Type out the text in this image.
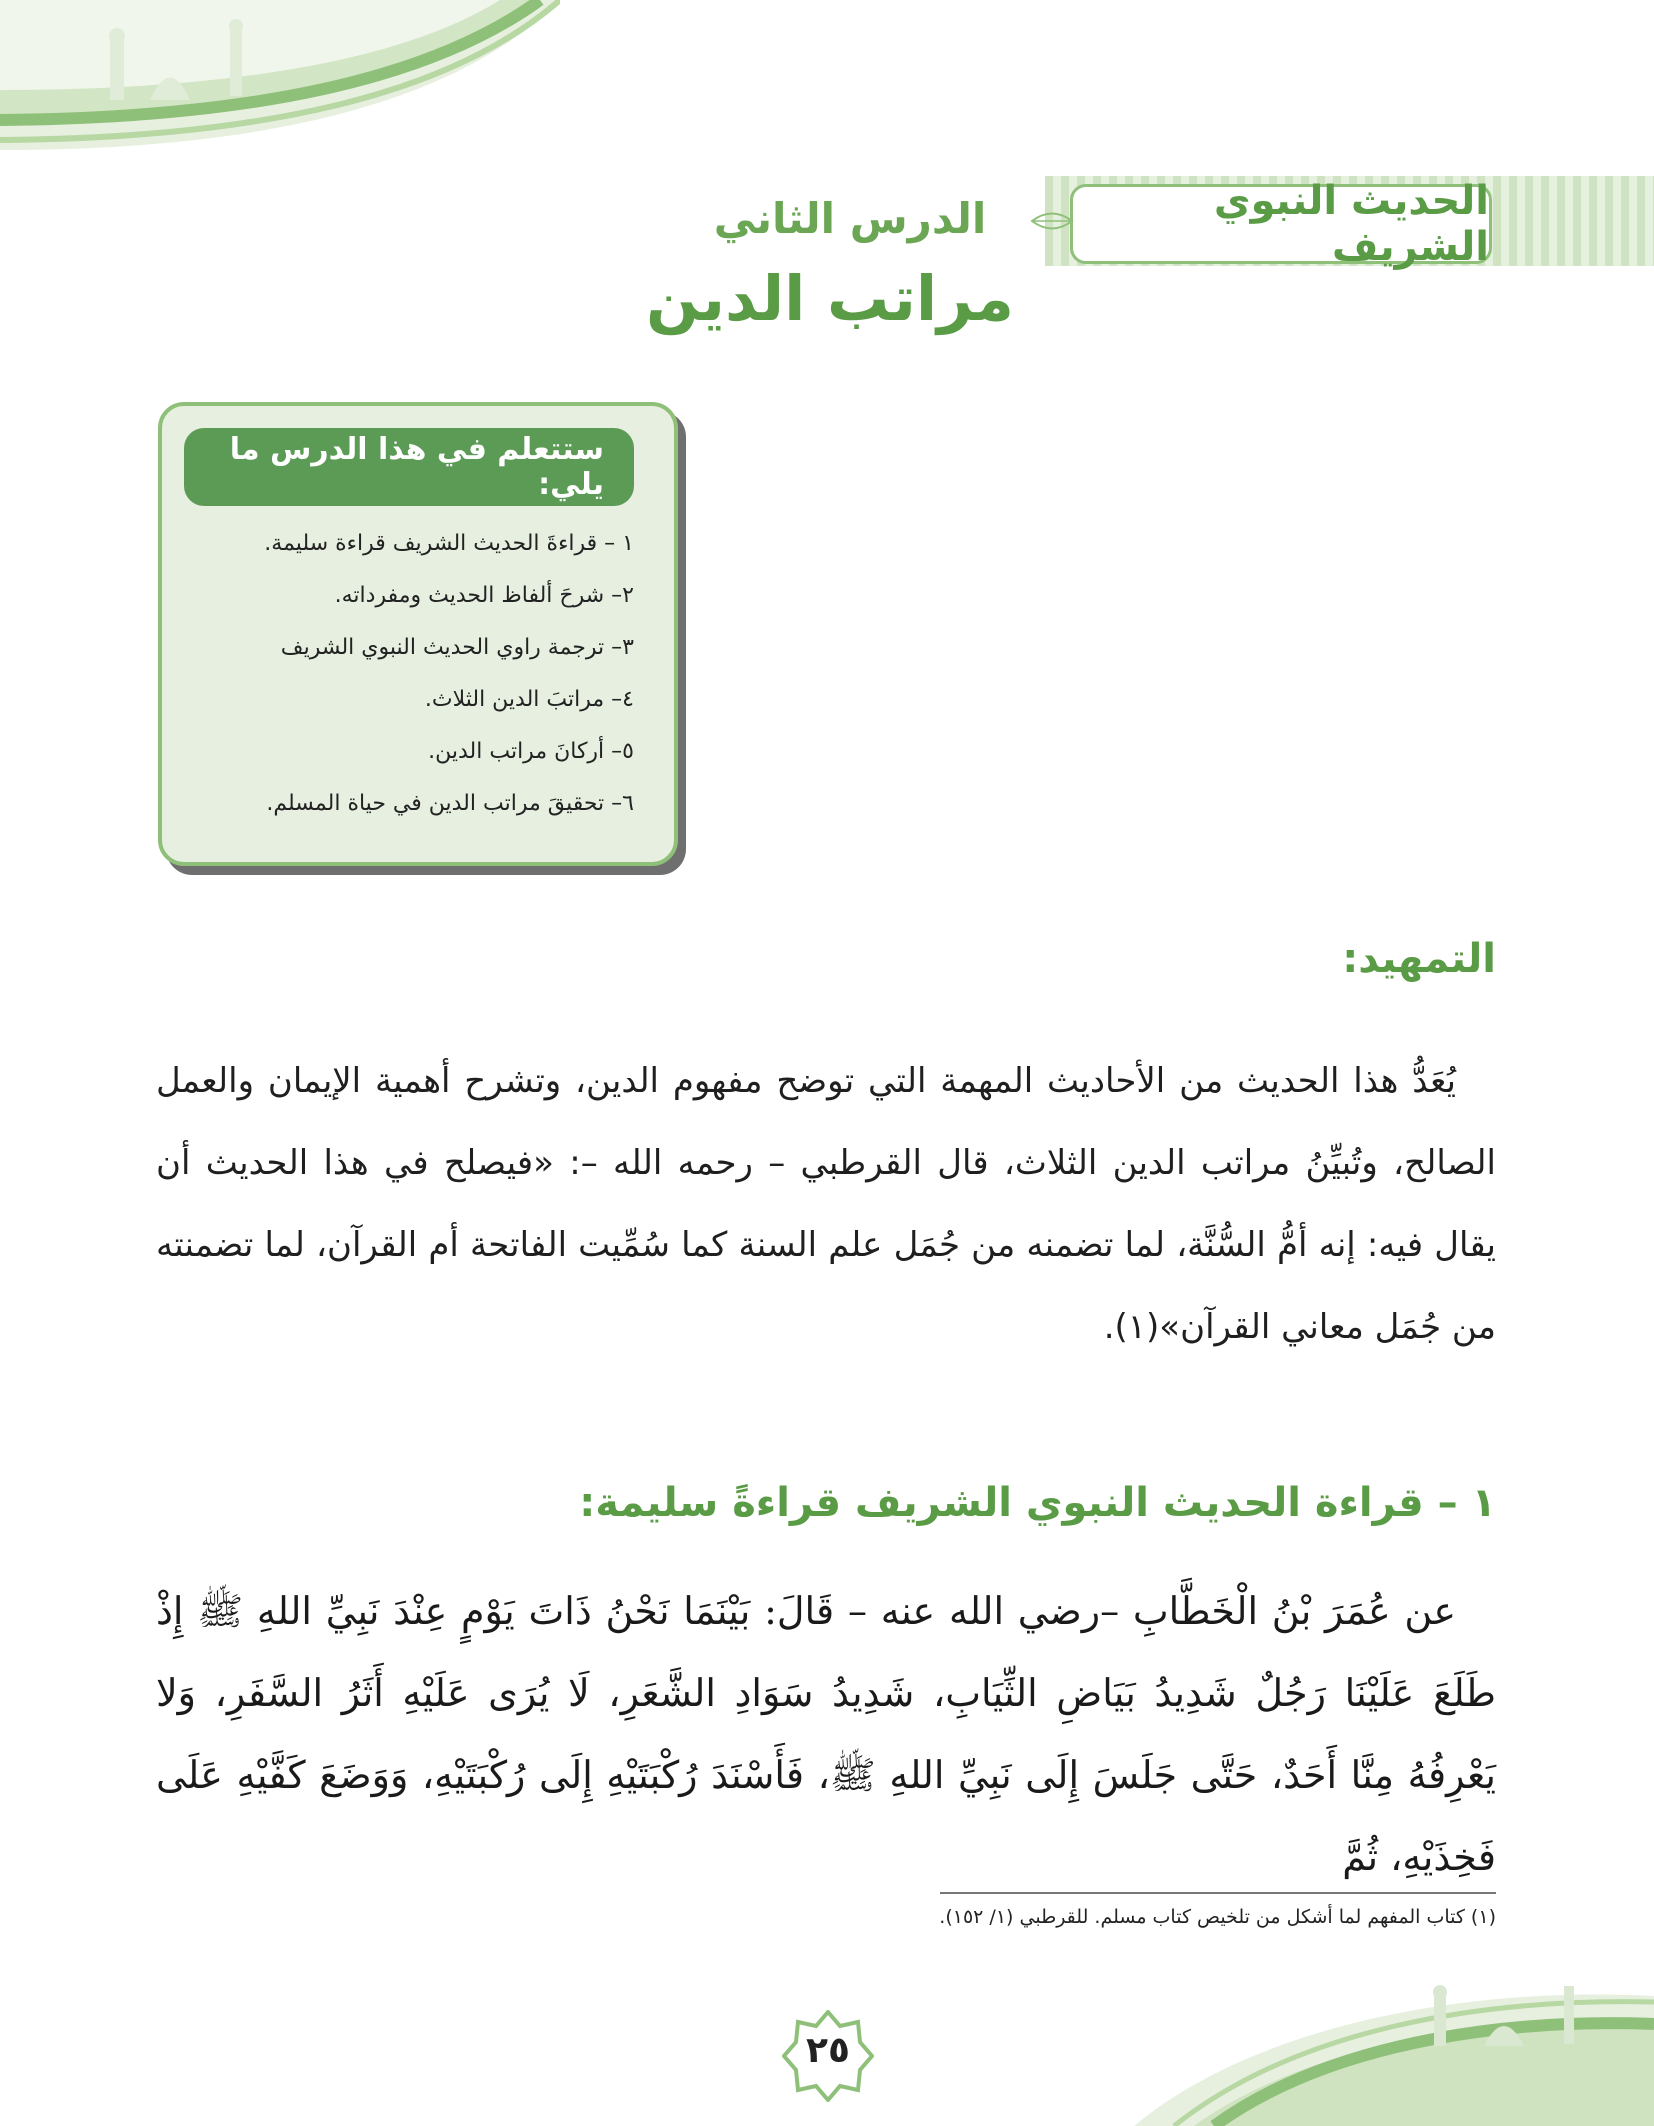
الحديث النبوي الشريف
الدرس الثاني
مراتب الدين
ستتعلم في هذا الدرس ما يلي:
١ – قراءةَ الحديث الشريف قراءة سليمة.
٢– شرحَ ألفاظ الحديث ومفرداته.
٣– ترجمة راوي الحديث النبوي الشريف
٤– مراتبَ الدين الثلاث.
٥– أركانَ مراتب الدين.
٦– تحقيقَ مراتب الدين في حياة المسلم.
التمهيد:

يُعَدُّ هذا الحديث من الأحاديث المهمة التي توضح مفهوم الدين، وتشرح أهمية الإيمان والعمل الصالح، وتُبيِّنُ مراتب الدين الثلاث، قال القرطبي – رحمه الله –: «فيصلح في هذا الحديث أن يقال فيه: إنه أمُّ السُّنَّة، لما تضمنه من جُمَل علم السنة كما سُمِّيت الفاتحة أم القرآن، لما تضمنته من جُمَل معاني القرآن»(١).

١ – قراءة الحديث النبوي الشريف قراءةً سليمة:

عن عُمَرَ بْنُ الْخَطَّابِ –رضي الله عنه – قَالَ: بَيْنَمَا نَحْنُ ذَاتَ يَوْمٍ عِنْدَ نَبِيِّ اللهِ ﷺ إِذْ طَلَعَ عَلَيْنَا رَجُلٌ شَدِيدُ بَيَاضِ الثِّيَابِ، شَدِيدُ سَوَادِ الشَّعَرِ، لَا يُرَى عَلَيْهِ أَثَرُ السَّفَرِ، وَلا يَعْرِفُهُ مِنَّا أَحَدٌ، حَتَّى جَلَسَ إِلَى نَبِيِّ اللهِ ﷺ، فَأَسْنَدَ رُكْبَتَيْهِ إِلَى رُكْبَتَيْهِ، وَوَضَعَ كَفَّيْهِ عَلَى فَخِذَيْهِ، ثُمَّ

(١) كتاب المفهم لما أشكل من تلخيص كتاب مسلم. للقرطبي (١/ ١٥٢).
٢٥
